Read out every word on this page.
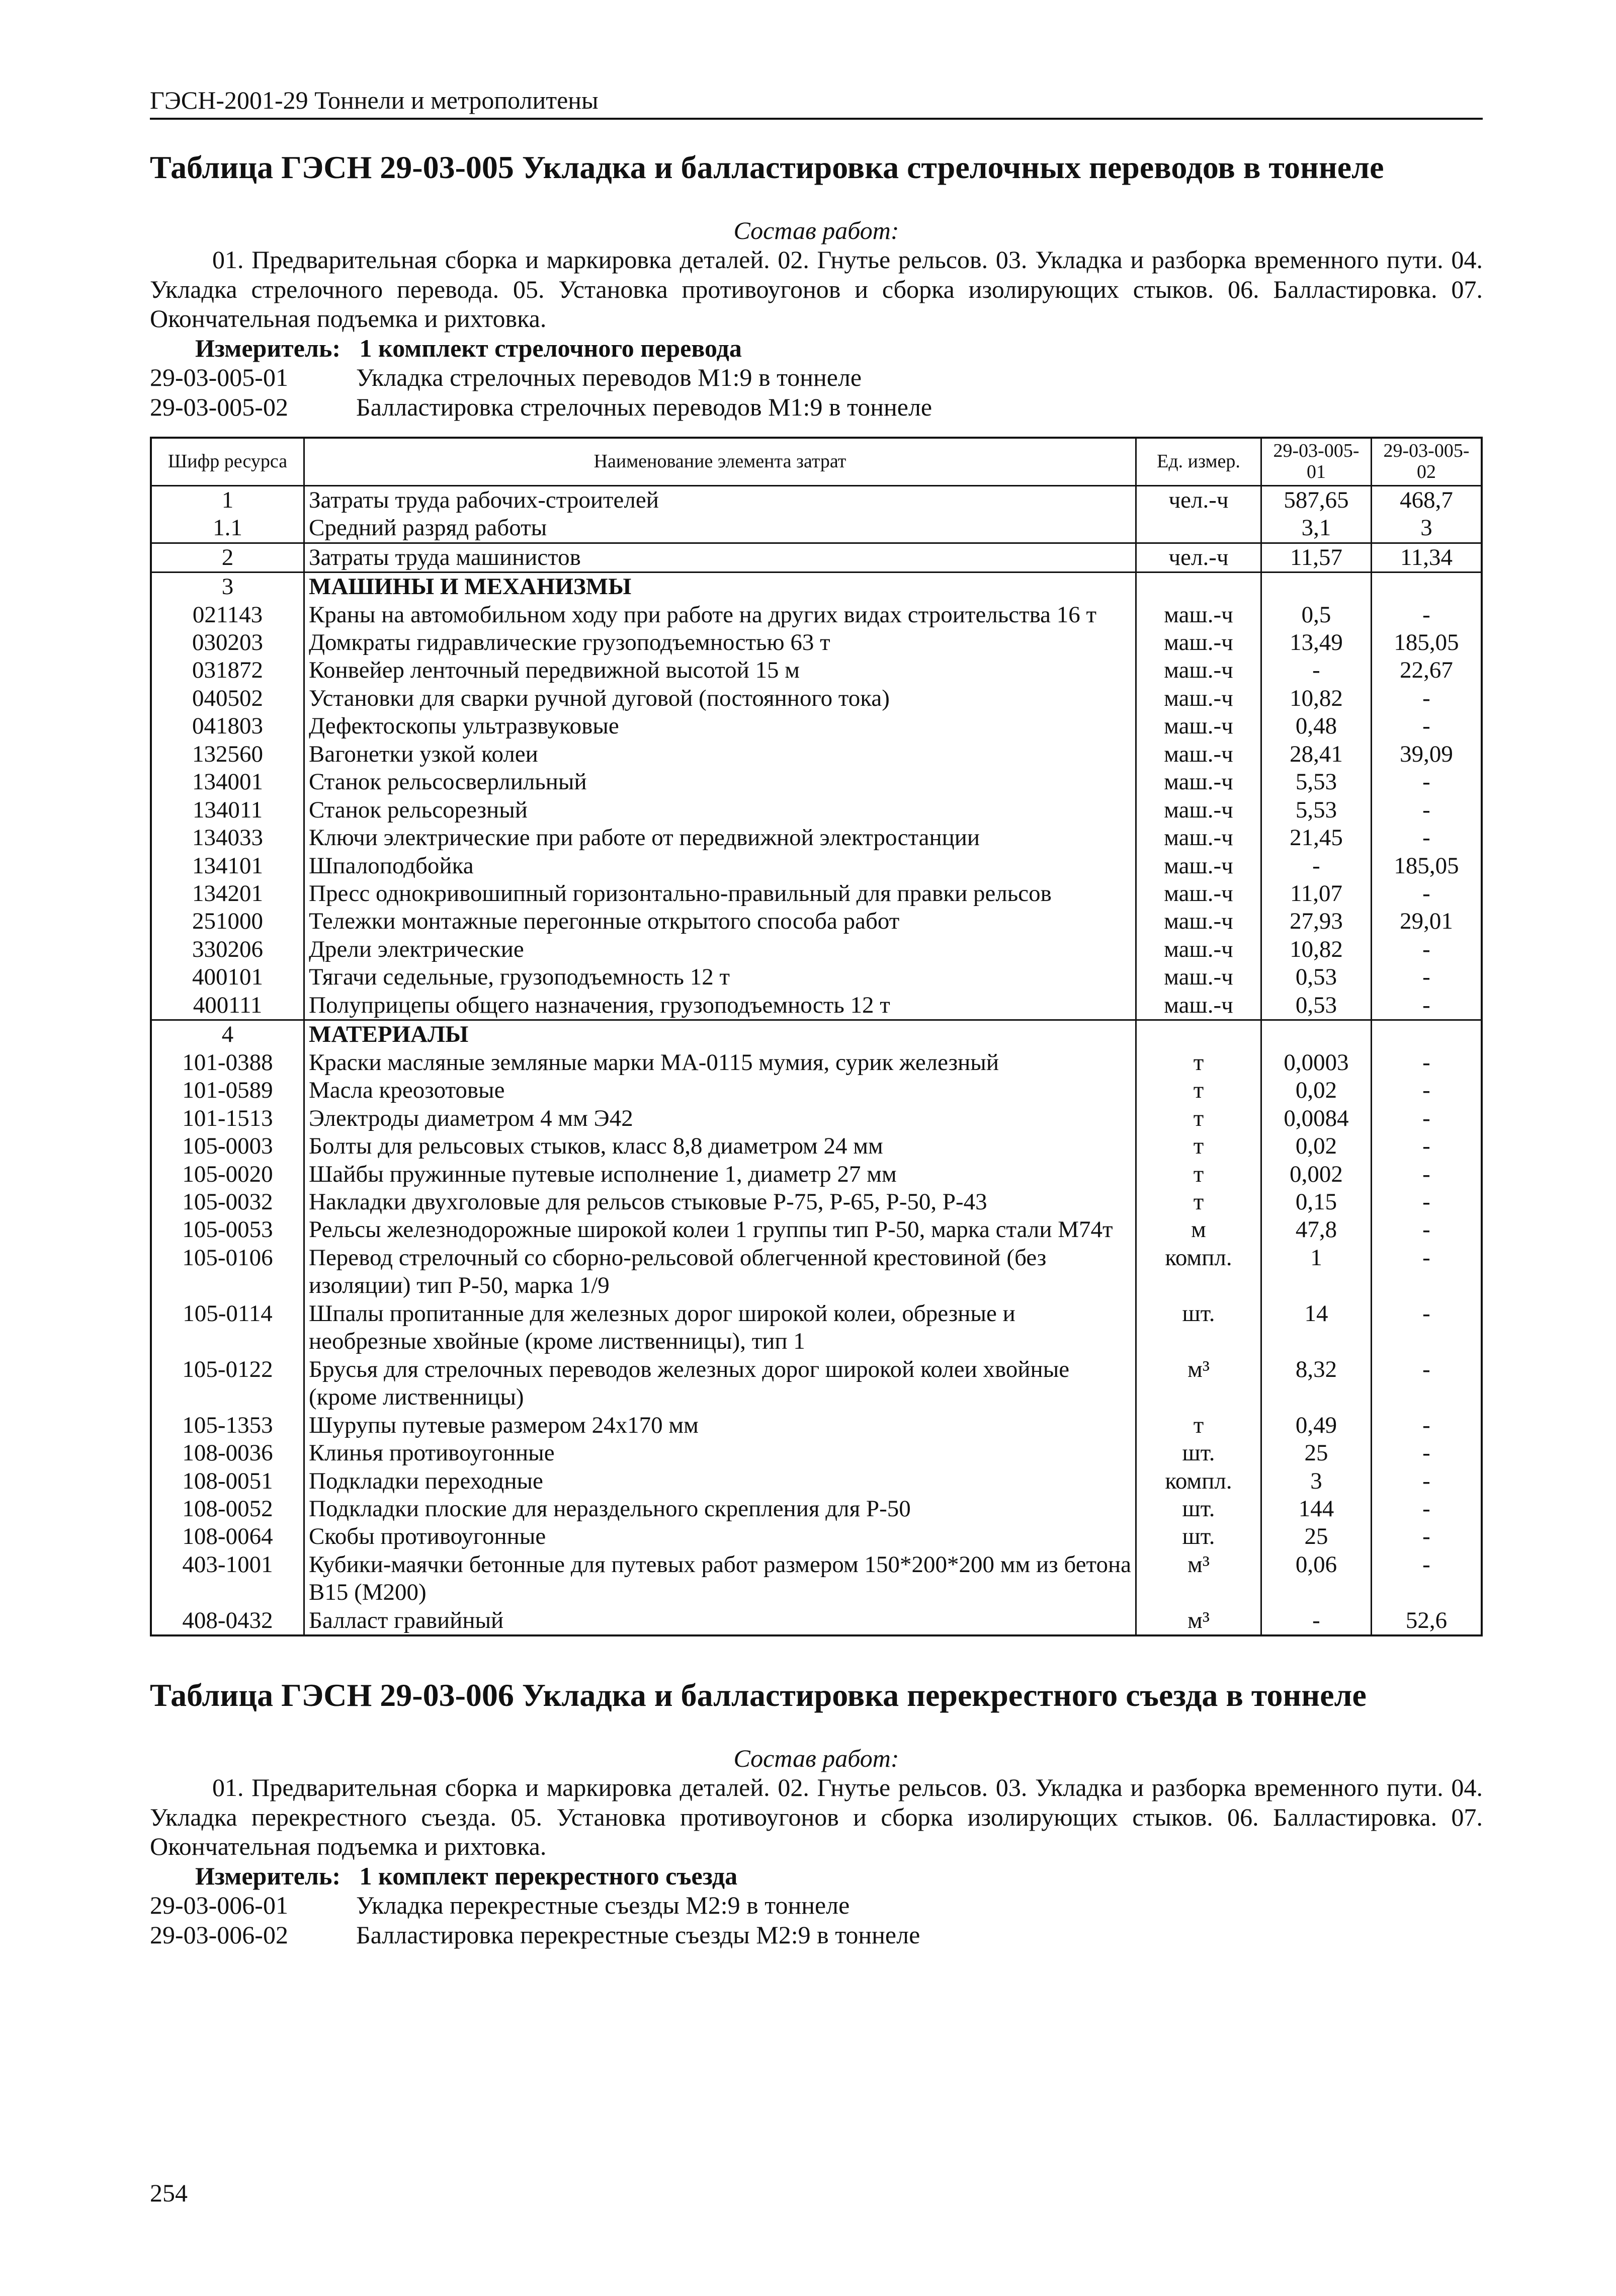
ГЭСН-2001-29 Тоннели и метрополитены
Таблица ГЭСН 29-03-005 Укладка и балластировка стрелочных переводов в тоннеле
Состав работ:

01. Предварительная сборка и маркировка деталей. 02. Гнутье рельсов. 03. Укладка и разборка временного пути. 04. Укладка стрелочного перевода. 05. Установка противоугонов и сборка изолирующих стыков. 06. Балластировка. 07. Окончательная подъемка и рихтовка.

Измеритель: 1 комплект стрелочного перевода
29-03-005-01	Укладка стрелочных переводов М1:9 в тоннеле
29-03-005-02	Балластировка стрелочных переводов М1:9 в тоннеле
Шифр ресурса	Наименование элемента затрат	Ед. измер.	29-03-005-01	29-03-005-02
1	Затраты труда рабочих-строителей	чел.-ч	587,65	468,7
1.1	Средний разряд работы		3,1	3
2	Затраты труда машинистов	чел.-ч	11,57	11,34
3	МАШИНЫ И МЕХАНИЗМЫ			
021143	Краны на автомобильном ходу при работе на других видах строительства 16 т	маш.-ч	0,5	-
030203	Домкраты гидравлические грузоподъемностью 63 т	маш.-ч	13,49	185,05
031872	Конвейер ленточный передвижной высотой 15 м	маш.-ч	-	22,67
040502	Установки для сварки ручной дуговой (постоянного тока)	маш.-ч	10,82	-
041803	Дефектоскопы ультразвуковые	маш.-ч	0,48	-
132560	Вагонетки узкой колеи	маш.-ч	28,41	39,09
134001	Станок рельсосверлильный	маш.-ч	5,53	-
134011	Станок рельсорезный	маш.-ч	5,53	-
134033	Ключи электрические при работе от передвижной электростанции	маш.-ч	21,45	-
134101	Шпалоподбойка	маш.-ч	-	185,05
134201	Пресс однокривошипный горизонтально-правильный для правки рельсов	маш.-ч	11,07	-
251000	Тележки монтажные перегонные открытого способа работ	маш.-ч	27,93	29,01
330206	Дрели электрические	маш.-ч	10,82	-
400101	Тягачи седельные, грузоподъемность 12 т	маш.-ч	0,53	-
400111	Полуприцепы общего назначения, грузоподъемность 12 т	маш.-ч	0,53	-
4	МАТЕРИАЛЫ			
101-0388	Краски масляные земляные марки МА-0115 мумия, сурик железный	т	0,0003	-
101-0589	Масла креозотовые	т	0,02	-
101-1513	Электроды диаметром 4 мм Э42	т	0,0084	-
105-0003	Болты для рельсовых стыков, класс 8,8 диаметром 24 мм	т	0,02	-
105-0020	Шайбы пружинные путевые исполнение 1, диаметр 27 мм	т	0,002	-
105-0032	Накладки двухголовые для рельсов стыковые Р-75, Р-65, Р-50, Р-43	т	0,15	-
105-0053	Рельсы железнодорожные широкой колеи 1 группы тип Р-50, марка стали М74т	м	47,8	-
105-0106	Перевод стрелочный со сборно-рельсовой облегченной крестовиной (без изоляции) тип Р-50, марка 1/9	компл.	1	-
105-0114	Шпалы пропитанные для железных дорог широкой колеи, обрезные и необрезные хвойные (кроме лиственницы), тип 1	шт.	14	-
105-0122	Брусья для стрелочных переводов железных дорог широкой колеи хвойные (кроме лиственницы)	м³	8,32	-
105-1353	Шурупы путевые размером 24х170 мм	т	0,49	-
108-0036	Клинья противоугонные	шт.	25	-
108-0051	Подкладки переходные	компл.	3	-
108-0052	Подкладки плоские для нераздельного скрепления для Р-50	шт.	144	-
108-0064	Скобы противоугонные	шт.	25	-
403-1001	Кубики-маячки бетонные для путевых работ размером 150*200*200 мм из бетона В15 (М200)	м³	0,06	-
408-0432	Балласт гравийный	м³	-	52,6
Таблица ГЭСН 29-03-006 Укладка и балластировка перекрестного съезда в тоннеле
Состав работ:

01. Предварительная сборка и маркировка деталей. 02. Гнутье рельсов. 03. Укладка и разборка временного пути. 04. Укладка перекрестного съезда. 05. Установка противоугонов и сборка изолирующих стыков. 06. Балластировка. 07. Окончательная подъемка и рихтовка.

Измеритель: 1 комплект перекрестного съезда
29-03-006-01	Укладка перекрестные съезды М2:9 в тоннеле
29-03-006-02	Балластировка перекрестные съезды М2:9 в тоннеле
254
